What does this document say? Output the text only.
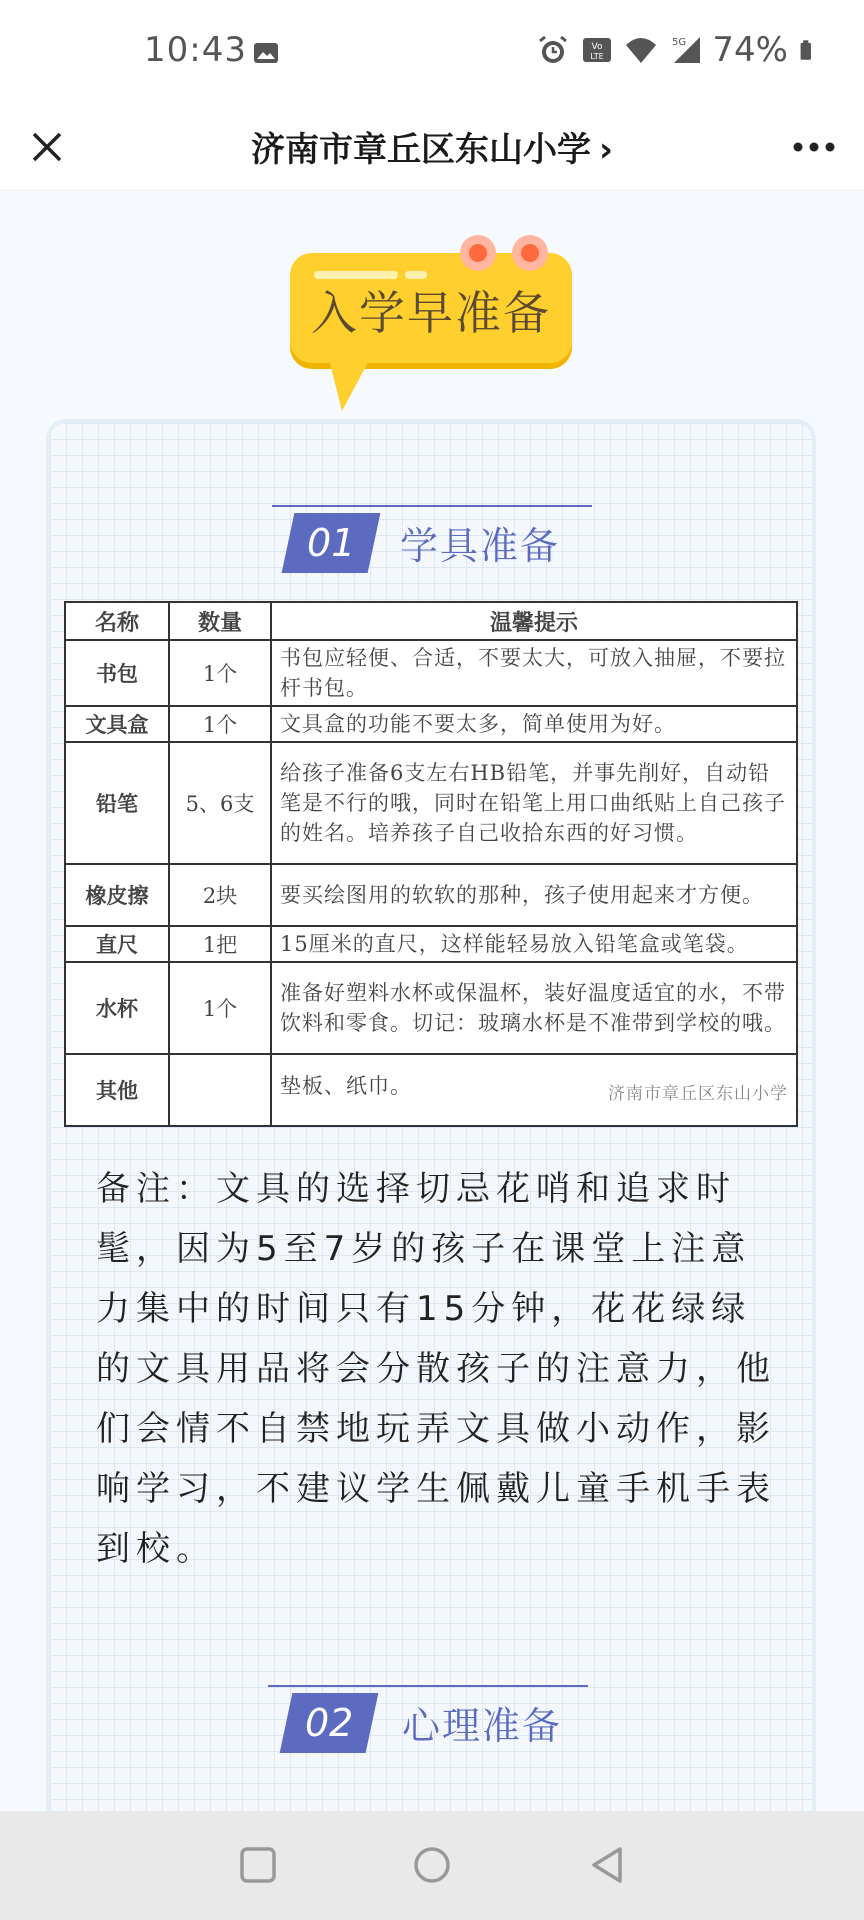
10:43	Vo
LTE
5G 74%
济南市章丘区东山小学 ›
入学早准备
01	学具准备
名称	数量	温馨提示
书包	1个	书包应轻便、合适，不要太大，可放入抽屉，不要拉杆书包。
文具盒	1个	文具盒的功能不要太多，简单使用为好。
铅笔	5、6支	给孩子准备6支左右HB铅笔，并事先削好，自动铅笔是不行的哦，同时在铅笔上用口曲纸贴上自己孩子的姓名。培养孩子自己收拾东西的好习惯。
橡皮擦	2块	要买绘图用的软软的那种，孩子使用起来才方便。
直尺	1把	15厘米的直尺，这样能轻易放入铅笔盒或笔袋。
水杯	1个	准备好塑料水杯或保温杯，装好温度适宜的水，不带饮料和零食。切记：玻璃水杯是不准带到学校的哦。
其他		垫板、纸巾。 济南市章丘区东山小学
备注：文具的选择切忌花哨和追求时髦，因为5至7岁的孩子在课堂上注意力集中的时间只有15分钟，花花绿绿的文具用品将会分散孩子的注意力，他们会情不自禁地玩弄文具做小动作，影响学习，不建议学生佩戴儿童手机手表到校。
02	心理准备
